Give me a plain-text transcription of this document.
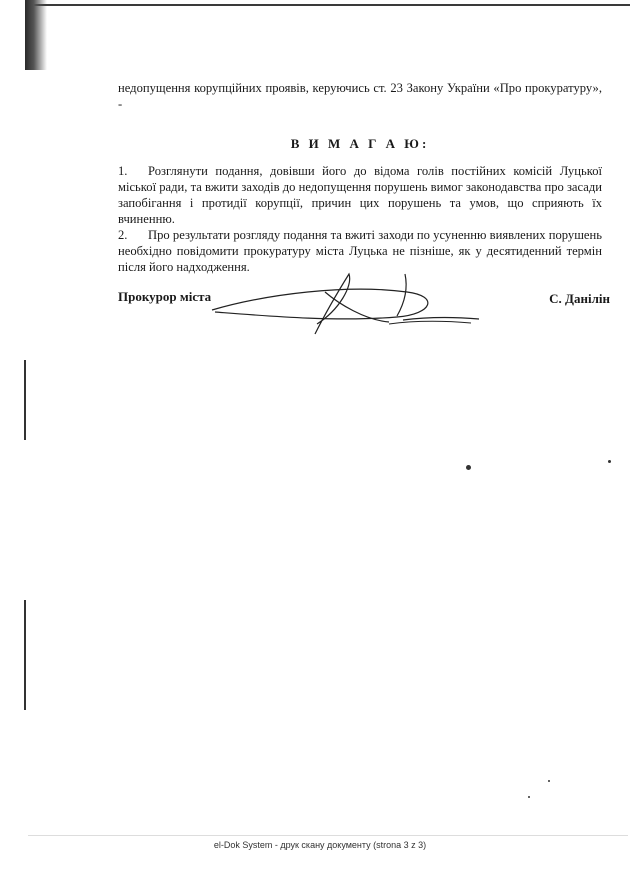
недопущення корупційних проявів, керуючись ст. 23 Закону України «Про прокуратуру», -

В И М А Г А Ю:

1. Розглянути подання, довівши його до відома голів постійних комісій Луцької міської ради, та вжити заходів до недопущення порушень вимог законодавства про засади запобігання і протидії корупції, причин цих порушень та умов, що сприяють їх вчиненню.

2. Про результати розгляду подання та вжиті заходи по усуненню виявлених порушень необхідно повідомити прокуратуру міста Луцька не пізніше, як у десятиденний термін після його надходження.

Прокурор міста	С. Данілін
el-Dok System - друк скану документу (strona 3 z 3)
